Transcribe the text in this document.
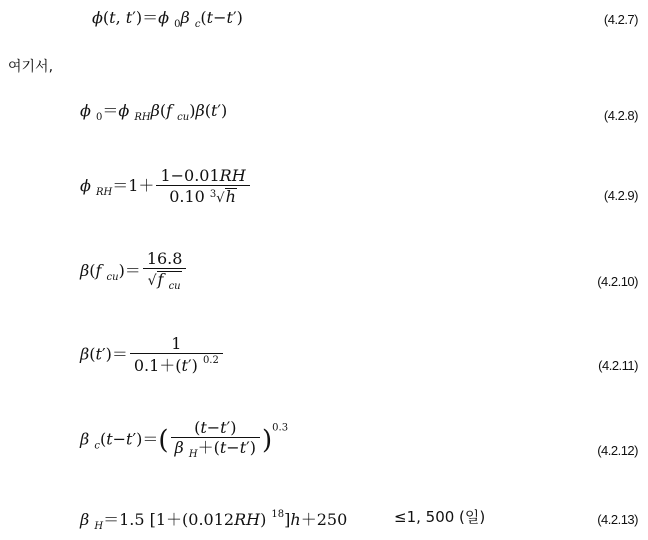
ϕ(t, t′)＝ϕ $_0$β $_c$(t−t′)	(4.2.7)
여기서,
ϕ $_0$＝ϕ $_{RH}$β(f $_{cu}$)β(t′)	(4.2.8)
ϕ $_{RH}=1+ \frac{1-0.01RH}{0.10 ^3√h}$	(4.2.9)
β(f $_{cu})= \frac{16.8}{√f _{cu}}$	(4.2.10)
$\beta(t')= \frac{1}{0.1+(t') ^{0.2}}$	(4.2.11)
β $_c(t-t')=( \frac{(t-t')}{\beta _H+(t-t')} )^{0.3}$
(4.2.12)
β $_H$＝1.5 [1＋(0.012RH) $^{18}$]h＋250	≤1, 500 (일)	(4.2.13)
